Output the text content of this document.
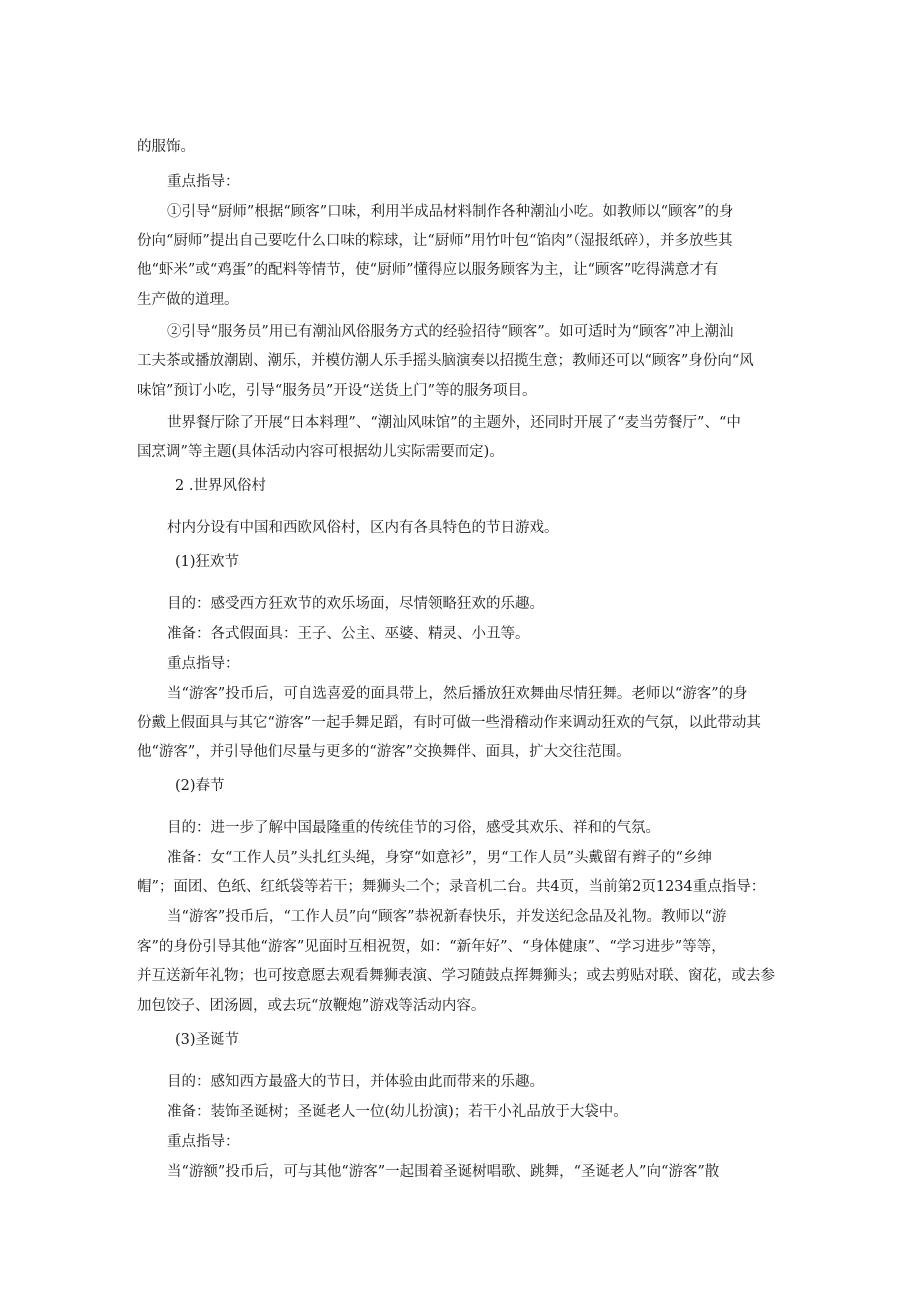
的服饰。

重点指导：

①引导“厨师”根据“顾客”口味，利用半成品材料制作各种潮汕小吃。如教师以“顾客”的身

份向“厨师”提出自己要吃什么口味的粽球，让“厨师”用竹叶包“馅肉”（湿报纸碎），并多放些其

他“虾米”或“鸡蛋”的配料等情节，使“厨师”懂得应以服务顾客为主，让“顾客”吃得满意才有

生产做的道理。

②引导“服务员”用已有潮汕风俗服务方式的经验招待“顾客”。如可适时为“顾客”冲上潮汕

工夫茶或播放潮剧、潮乐，并模仿潮人乐手摇头脑演奏以招揽生意；教师还可以“顾客”身份向“风

味馆”预订小吃，引导“服务员”开设“送货上门”等的服务项目。

世界餐厅除了开展“日本料理”、“潮汕风味馆”的主题外，还同时开展了“麦当劳餐厅”、“中

国烹调”等主题(具体活动内容可根据幼儿实际需要而定)。

2 .世界风俗村

村内分设有中国和西欧风俗村，区内有各具特色的节日游戏。

(1)狂欢节

目的：感受西方狂欢节的欢乐场面，尽情领略狂欢的乐趣。

准备：各式假面具：王子、公主、巫婆、精灵、小丑等。

重点指导：

当“游客”投币后，可自选喜爱的面具带上，然后播放狂欢舞曲尽情狂舞。老师以“游客”的身

份戴上假面具与其它“游客”一起手舞足蹈，有时可做一些滑稽动作来调动狂欢的气氛，以此带动其

他“游客”，并引导他们尽量与更多的“游客”交换舞伴、面具，扩大交往范围。

(2)春节

目的：进一步了解中国最隆重的传统佳节的习俗，感受其欢乐、祥和的气氛。

准备：女“工作人员”头扎红头绳，身穿“如意衫”，男“工作人员”头戴留有辫子的“乡绅

帽”；面团、色纸、红纸袋等若干；舞狮头二个；录音机二台。共4页，当前第2页1234重点指导：

当“游客”投币后，“工作人员”向“顾客”恭祝新春快乐，并发送纪念品及礼物。教师以“游

客”的身份引导其他“游客”见面时互相祝贺，如：“新年好”、“身体健康”、“学习进步”等等，

并互送新年礼物；也可按意愿去观看舞狮表演、学习随鼓点挥舞狮头；或去剪贴对联、窗花，或去参

加包饺子、团汤圆，或去玩“放鞭炮”游戏等活动内容。

(3)圣诞节

目的：感知西方最盛大的节日，并体验由此而带来的乐趣。

准备：装饰圣诞树；圣诞老人一位(幼儿扮演)；若干小礼品放于大袋中。

重点指导：

当“游额”投币后，可与其他“游客”一起围着圣诞树唱歌、跳舞，“圣诞老人”向“游客”散
